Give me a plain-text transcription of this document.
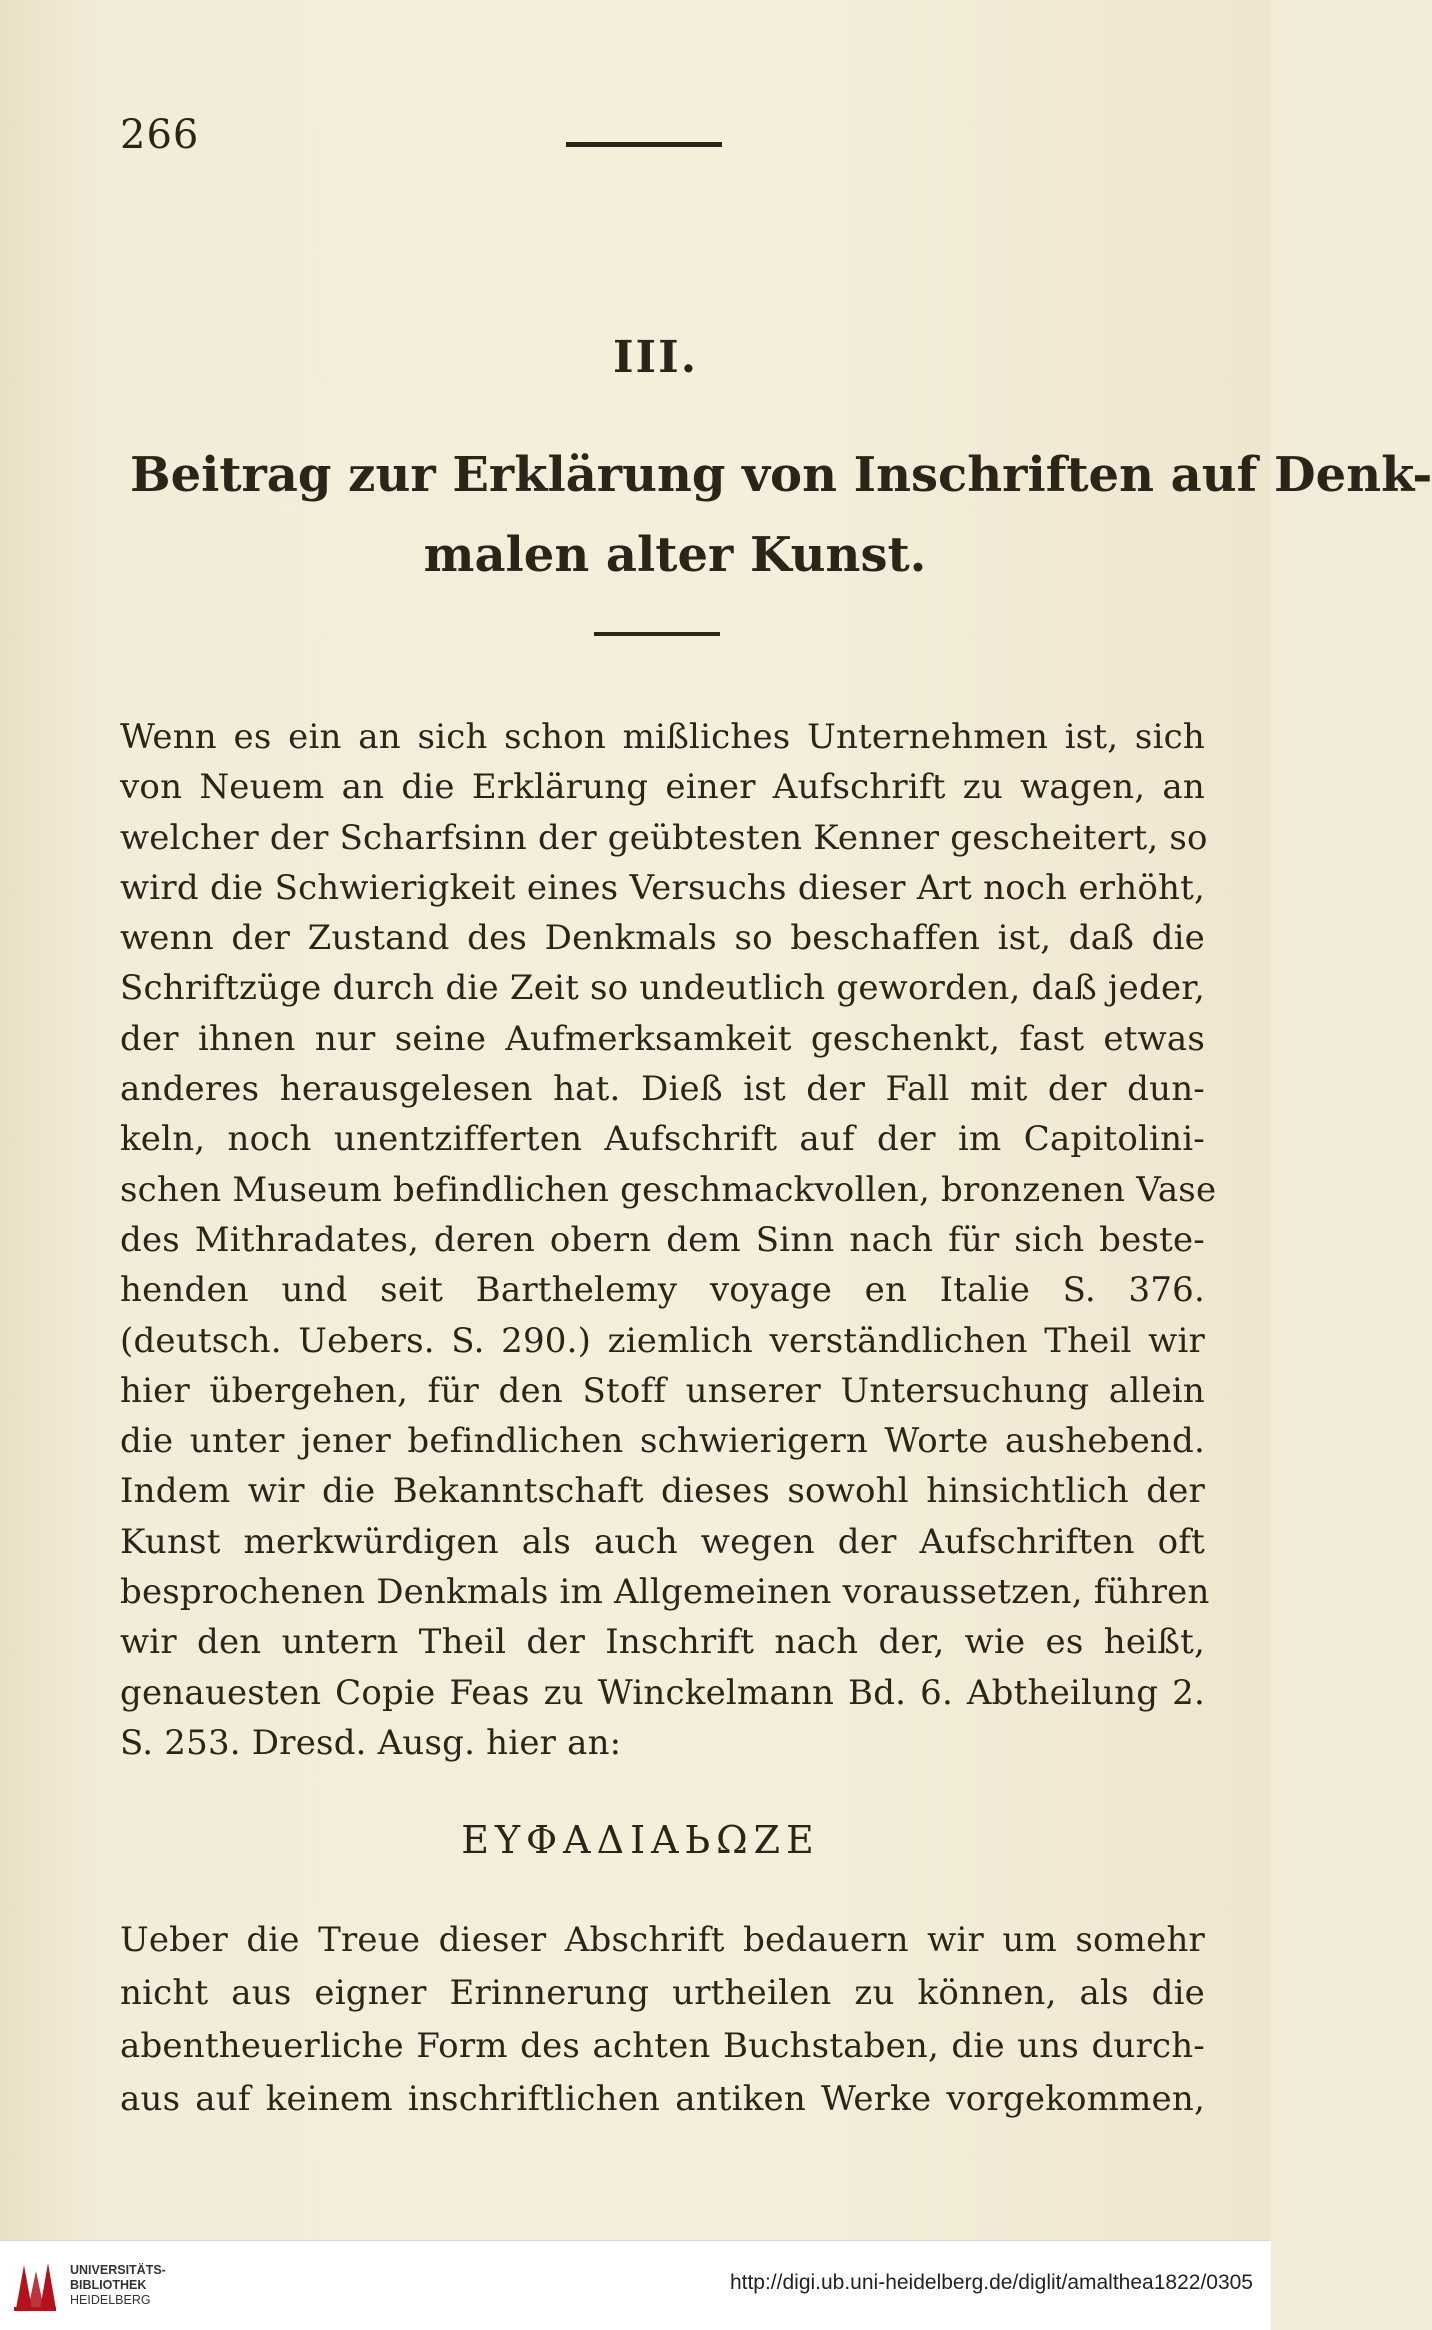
266
III.
Beitrag zur Erklärung von Inschriften auf Denk-
malen alter Kunst.
Wenn es ein an sich schon mißliches Unternehmen ist, sich
von Neuem an die Erklärung einer Aufschrift zu wagen, an
welcher der Scharfsinn der geübtesten Kenner gescheitert, so
wird die Schwierigkeit eines Versuchs dieser Art noch erhöht,
wenn der Zustand des Denkmals so beschaffen ist, daß die
Schriftzüge durch die Zeit so undeutlich geworden, daß jeder,
der ihnen nur seine Aufmerksamkeit geschenkt, fast etwas
anderes herausgelesen hat. Dieß ist der Fall mit der dun-
keln, noch unentzifferten Aufschrift auf der im Capitolini-
schen Museum befindlichen geschmackvollen, bronzenen Vase
des Mithradates, deren obern dem Sinn nach für sich beste-
henden und seit Barthelemy voyage en Italie S. 376.
(deutsch. Uebers. S. 290.) ziemlich verständlichen Theil wir
hier übergehen, für den Stoff unserer Untersuchung allein
die unter jener befindlichen schwierigern Worte aushebend.
Indem wir die Bekanntschaft dieses sowohl hinsichtlich der
Kunst merkwürdigen als auch wegen der Aufschriften oft
besprochenen Denkmals im Allgemeinen voraussetzen, führen
wir den untern Theil der Inschrift nach der, wie es heißt,
genauesten Copie Feas zu Winckelmann Bd. 6. Abtheilung 2.
S. 253. Dresd. Ausg. hier an:
ΕΥΦΑΔΙΑЬΩΖΕ
Ueber die Treue dieser Abschrift bedauern wir um somehr
nicht aus eigner Erinnerung urtheilen zu können, als die
abentheuerliche Form des achten Buchstaben, die uns durch-
aus auf keinem inschriftlichen antiken Werke vorgekommen,
UNIVERSITÄTS-
BIBLIOTHEK
HEIDELBERG
http://digi.ub.uni-heidelberg.de/diglit/amalthea1822/0305
